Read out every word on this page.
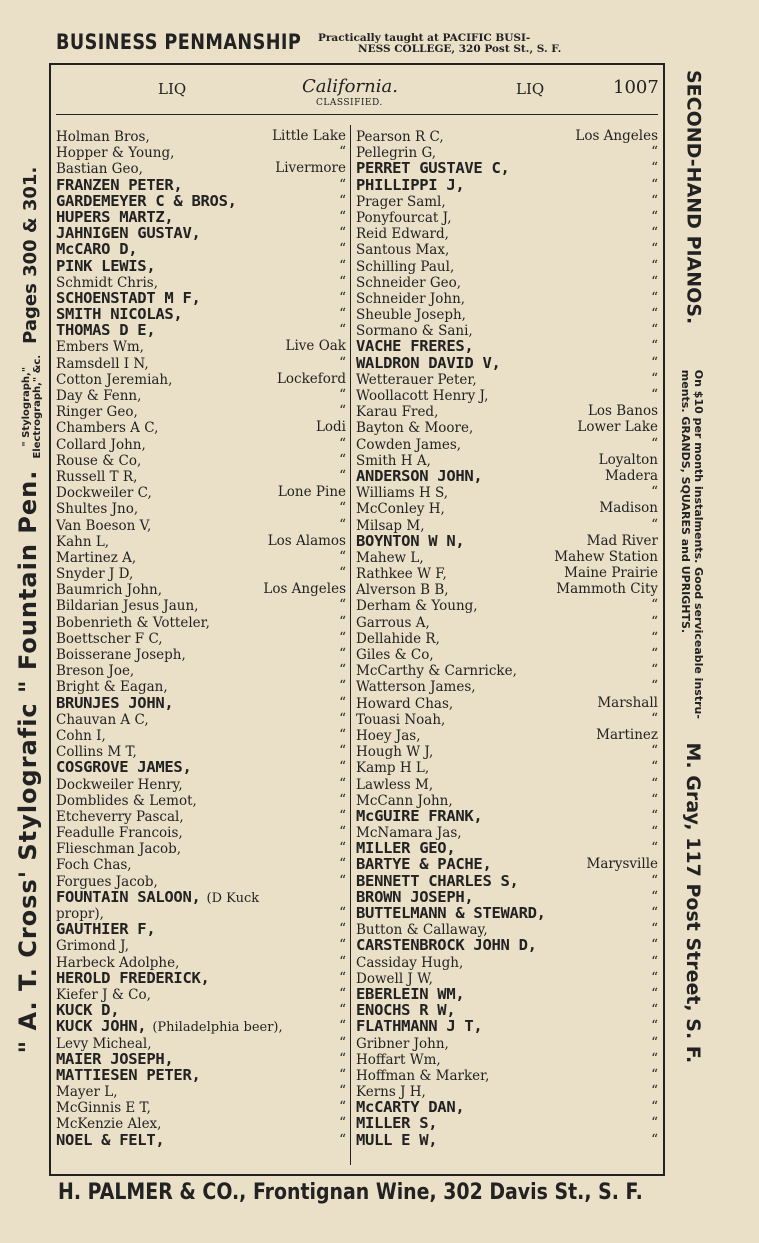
BUSINESS PENMANSHIP Practically taught at PACIFIC BUSI-
NESS COLLEGE, 320 Post St., S. F.
" A. T. Cross' Stylografic " Fountain Pen. " Stylograph,"
Electrograph," &c. Pages 300 & 301.	SECOND-HAND PIANOS. On $10 per month instalments. Good serviceable instru-
ments. GRANDS, SQUARES and UPRIGHTS. M. Gray, 117 Post Street, S. F.
LIQ	California.	LIQ	1007
CLASSIFIED.
Holman Bros,	Little Lake
Hopper & Young,	“
Bastian Geo,	Livermore
FRANZEN PETER,	“
GARDEMEYER C & BROS,	“
HUPERS MARTZ,	“
JAHNIGEN GUSTAV,	“
McCARO D,	“
PINK LEWIS,	“
Schmidt Chris,	“
SCHOENSTADT M F,	“
SMITH NICOLAS,	“
THOMAS D E,	“
Embers Wm,	Live Oak
Ramsdell I N,	“
Cotton Jeremiah,	Lockeford
Day & Fenn,	“
Ringer Geo,	“
Chambers A C,	Lodi
Collard John,	“
Rouse & Co,	“
Russell T R,	“
Dockweiler C,	Lone Pine
Shultes Jno,	“
Van Boeson V,	“
Kahn L,	Los Alamos
Martinez A,	“
Snyder J D,	“
Baumrich John,	Los Angeles
Bildarian Jesus Jaun,	“
Bobenrieth & Votteler,	“
Boettscher F C,	“
Boisserane Joseph,	“
Breson Joe,	“
Bright & Eagan,	“
BRUNJES JOHN,	“
Chauvan A C,	“
Cohn I,	“
Collins M T,	“
COSGROVE JAMES,	“
Dockweiler Henry,	“
Domblides & Lemot,	“
Etcheverry Pascal,	“
Feadulle Francois,	“
Flieschman Jacob,	“
Foch Chas,	“
Forgues Jacob,	“
FOUNTAIN SALOON, (D Kuck
propr),	“
GAUTHIER F,	“
Grimond J,	“
Harbeck Adolphe,	“
HEROLD FREDERICK,	“
Kiefer J & Co,	“
KUCK D,	“
KUCK JOHN, (Philadelphia beer),	“
Levy Micheal,	“
MAIER JOSEPH,	“
MATTIESEN PETER,	“
Mayer L,	“
McGinnis E T,	“
McKenzie Alex,	“
NOEL & FELT,	“
Pearson R C,	Los Angeles
Pellegrin G,	“
PERRET GUSTAVE C,	“
PHILLIPPI J,	“
Prager Saml,	“
Ponyfourcat J,	“
Reid Edward,	“
Santous Max,	“
Schilling Paul,	“
Schneider Geo,	“
Schneider John,	“
Sheuble Joseph,	“
Sormano & Sani,	“
VACHE FRERES,	“
WALDRON DAVID V,	“
Wetterauer Peter,	“
Woollacott Henry J,	“
Karau Fred,	Los Banos
Bayton & Moore,	Lower Lake
Cowden James,	“
Smith H A,	Loyalton
ANDERSON JOHN,	Madera
Williams H S,	“
McConley H,	Madison
Milsap M,	“
BOYNTON W N,	Mad River
Mahew L,	Mahew Station
Rathkee W F,	Maine Prairie
Alverson B B,	Mammoth City
Derham & Young,	“
Garrous A,	“
Dellahide R,	“
Giles & Co,	“
McCarthy & Carnricke,	“
Watterson James,	“
Howard Chas,	Marshall
Touasi Noah,	“
Hoey Jas,	Martinez
Hough W J,	“
Kamp H L,	“
Lawless M,	“
McCann John,	“
McGUIRE FRANK,	“
McNamara Jas,	“
MILLER GEO,	“
BARTYE & PACHE,	Marysville
BENNETT CHARLES S,	“
BROWN JOSEPH,	“
BUTTELMANN & STEWARD,	“
Button & Callaway,	“
CARSTENBROCK JOHN D,	“
Cassiday Hugh,	“
Dowell J W,	“
EBERLEIN WM,	“
ENOCHS R W,	“
FLATHMANN J T,	“
Gribner John,	“
Hoffart Wm,	“
Hoffman & Marker,	“
Kerns J H,	“
McCARTY DAN,	“
MILLER S,	“
MULL E W,	“
H. PALMER & CO., Frontignan Wine, 302 Davis St., S. F.
